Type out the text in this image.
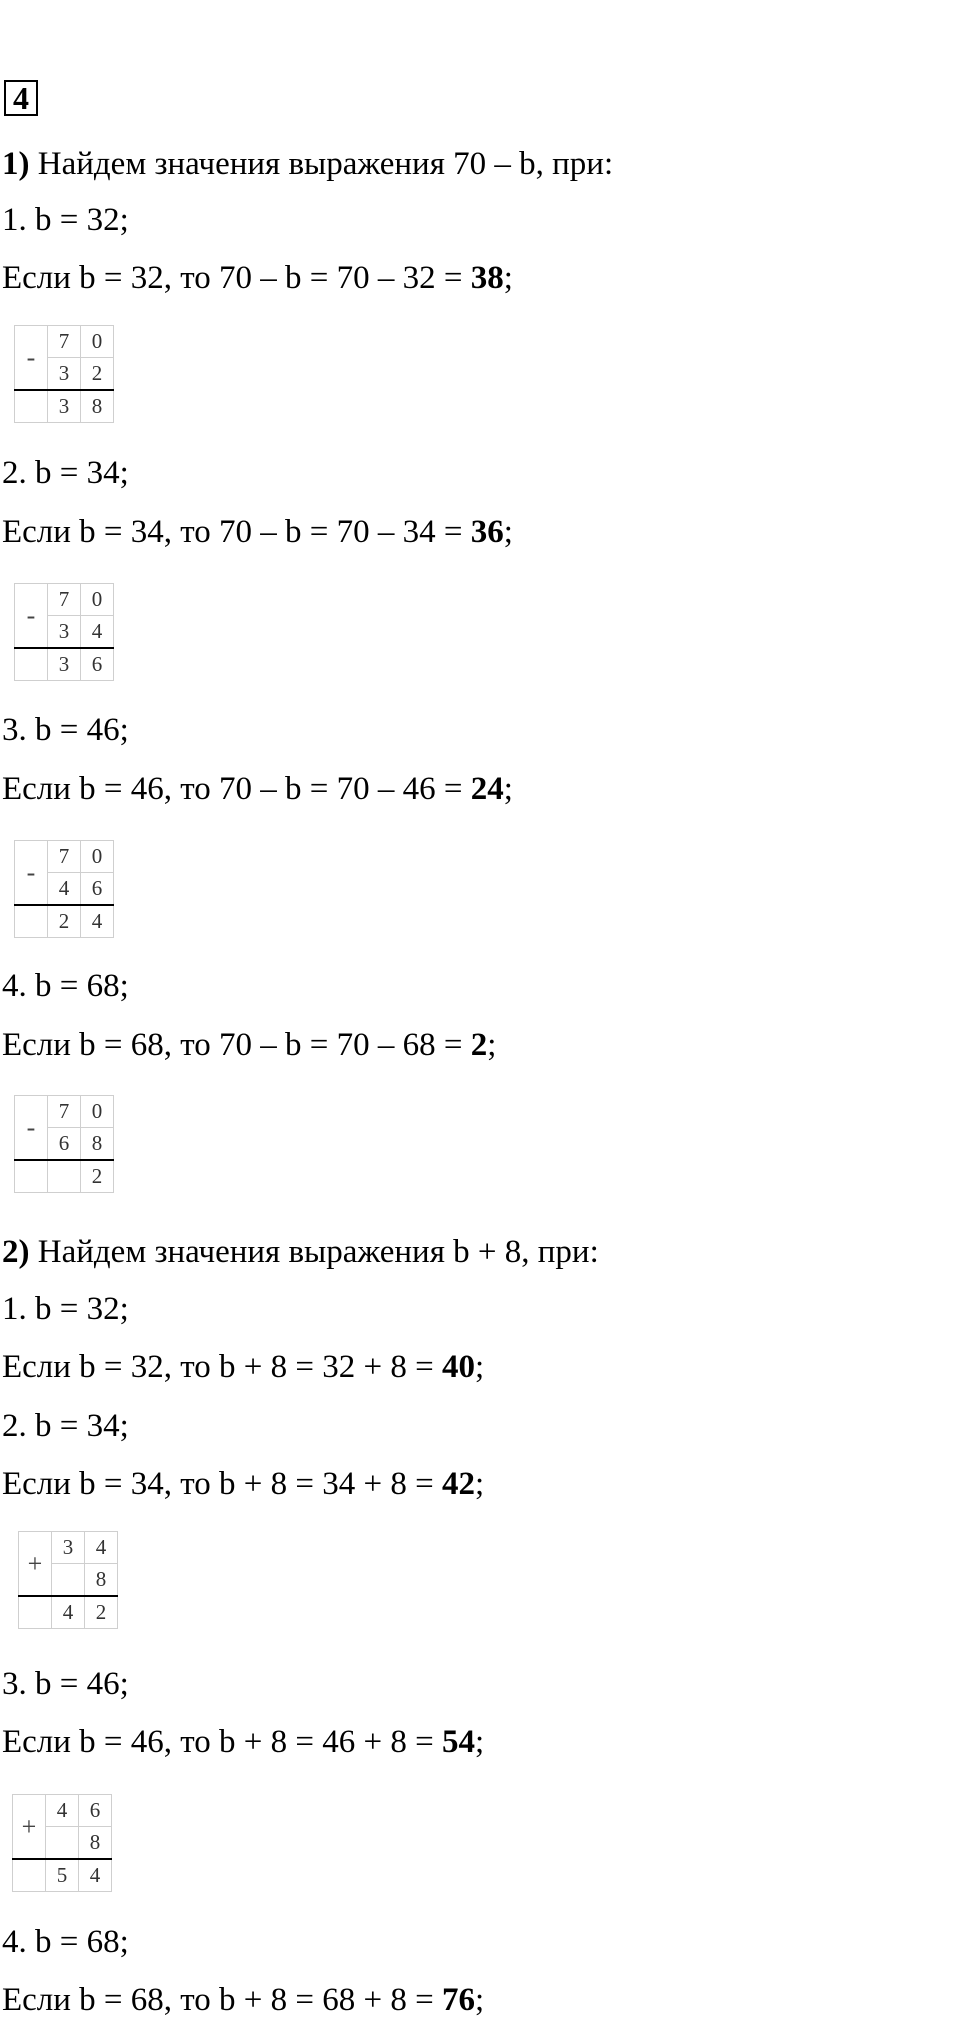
4
1) Найдем значения выражения 70 – b, при:
1. b = 32;
Если b = 32, то 70 – b = 70 – 32 = 38;
-	7	0
	3	2
	3	8
2. b = 34;
Если b = 34, то 70 – b = 70 – 34 = 36;
-	7	0
	3	4
	3	6
3. b = 46;
Если b = 46, то 70 – b = 70 – 46 = 24;
-	7	0
	4	6
	2	4
4. b = 68;
Если b = 68, то 70 – b = 70 – 68 = 2;
-	7	0
	6	8
		2
2) Найдем значения выражения b + 8, при:
1. b = 32;
Если b = 32, то b + 8 = 32 + 8 = 40;
2. b = 34;
Если b = 34, то b + 8 = 34 + 8 = 42;
+	3	4
		8
	4	2
3. b = 46;
Если b = 46, то b + 8 = 46 + 8 = 54;
+	4	6
		8
	5	4
4. b = 68;
Если b = 68, то b + 8 = 68 + 8 = 76;
